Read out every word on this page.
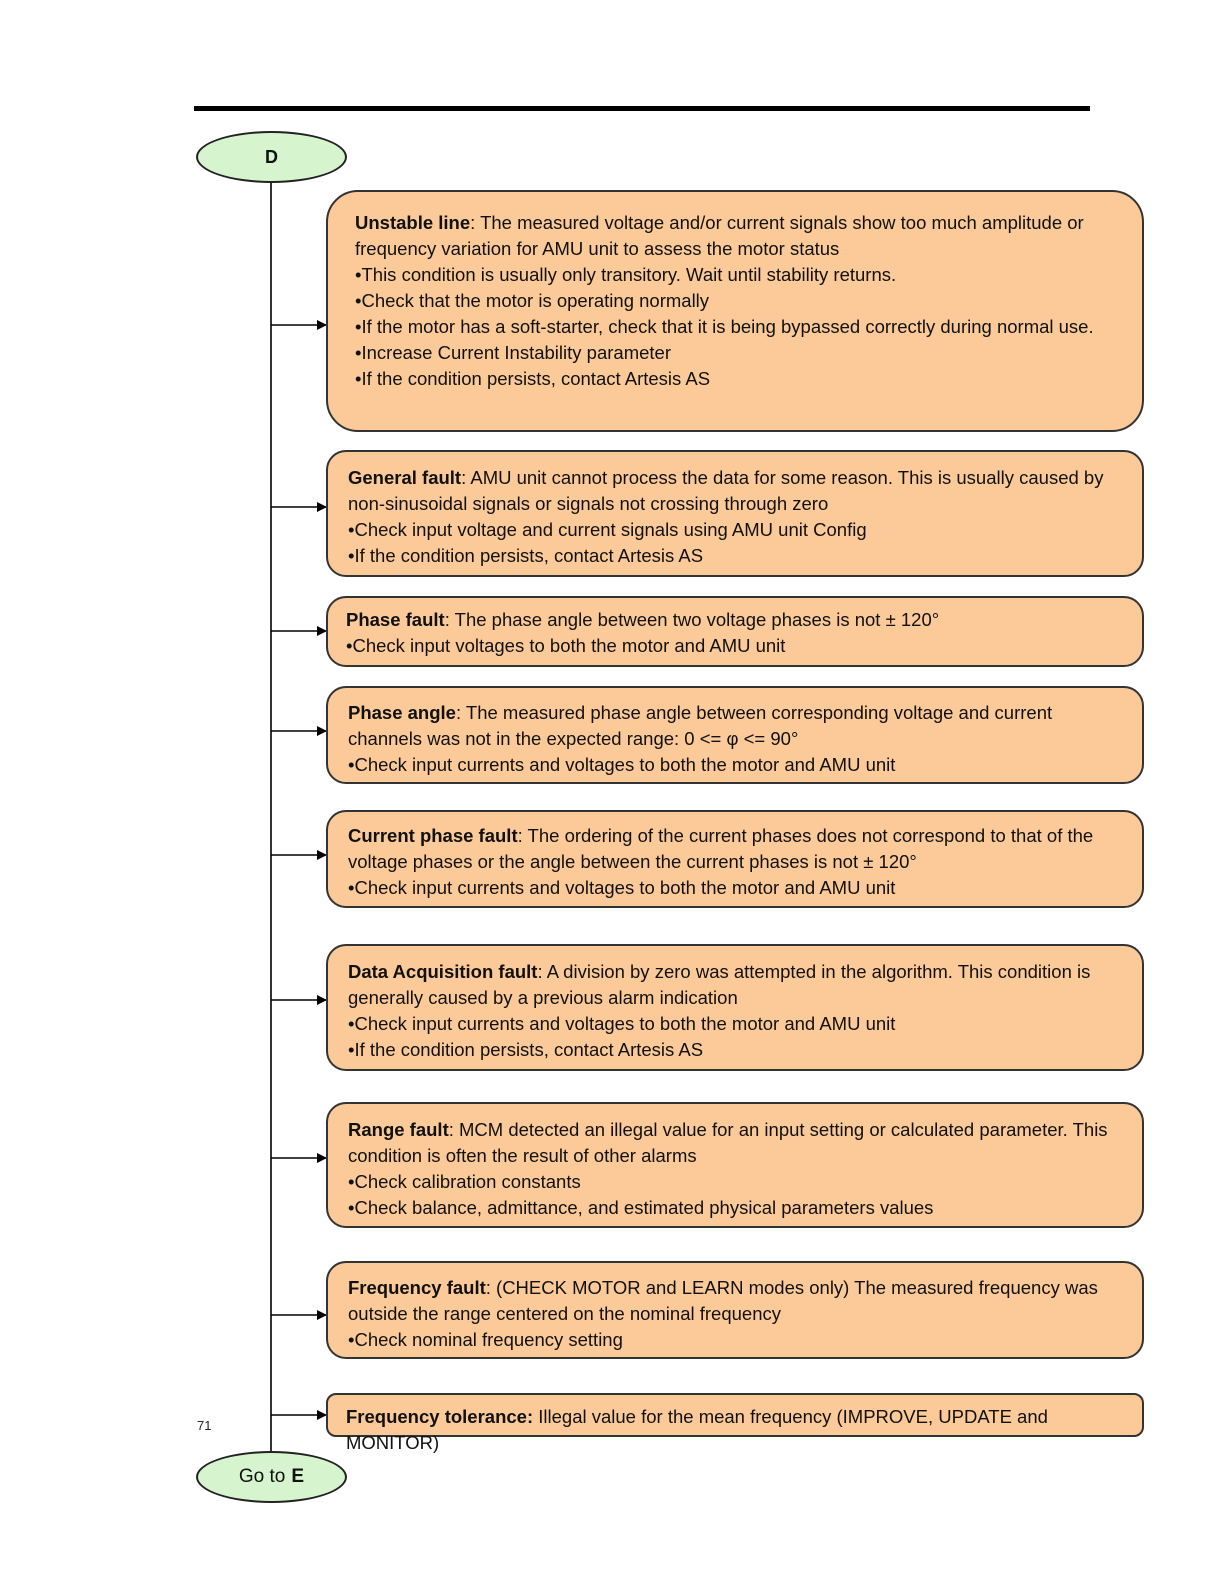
D

Unstable line: The measured voltage and/or current signals show too much amplitude or frequency variation for AMU unit to assess the motor status

• This condition is usually only transitory. Wait until stability returns.

• Check that the motor is operating normally

• If the motor has a soft-starter, check that it is being bypassed correctly during normal use.

• Increase Current Instability parameter

• If the condition persists, contact Artesis AS

General fault: AMU unit cannot process the data for some reason. This is usually caused by non-sinusoidal signals or signals not crossing through zero

• Check input voltage and current signals using AMU unit Config

• If the condition persists, contact Artesis AS

Phase fault: The phase angle between two voltage phases is not ± 120°

• Check input voltages to both the motor and AMU unit

Phase angle: The measured phase angle between corresponding voltage and current channels was not in the expected range: 0 <= φ <= 90°

• Check input currents and voltages to both the motor and AMU unit

Current phase fault: The ordering of the current phases does not correspond to that of the voltage phases or the angle between the current phases is not ± 120°

• Check input currents and voltages to both the motor and AMU unit

Data Acquisition fault: A division by zero was attempted in the algorithm. This condition is generally caused by a previous alarm indication

• Check input currents and voltages to both the motor and AMU unit

• If the condition persists, contact Artesis AS

Range fault: MCM detected an illegal value for an input setting or calculated parameter. This condition is often the result of other alarms

• Check calibration constants

• Check balance, admittance, and estimated physical parameters values

Frequency fault: (CHECK MOTOR and LEARN modes only) The measured frequency was outside the range centered on the nominal frequency

• Check nominal frequency setting

Frequency tolerance: Illegal value for the mean frequency (IMPROVE, UPDATE and MONITOR)

71
Go to E
